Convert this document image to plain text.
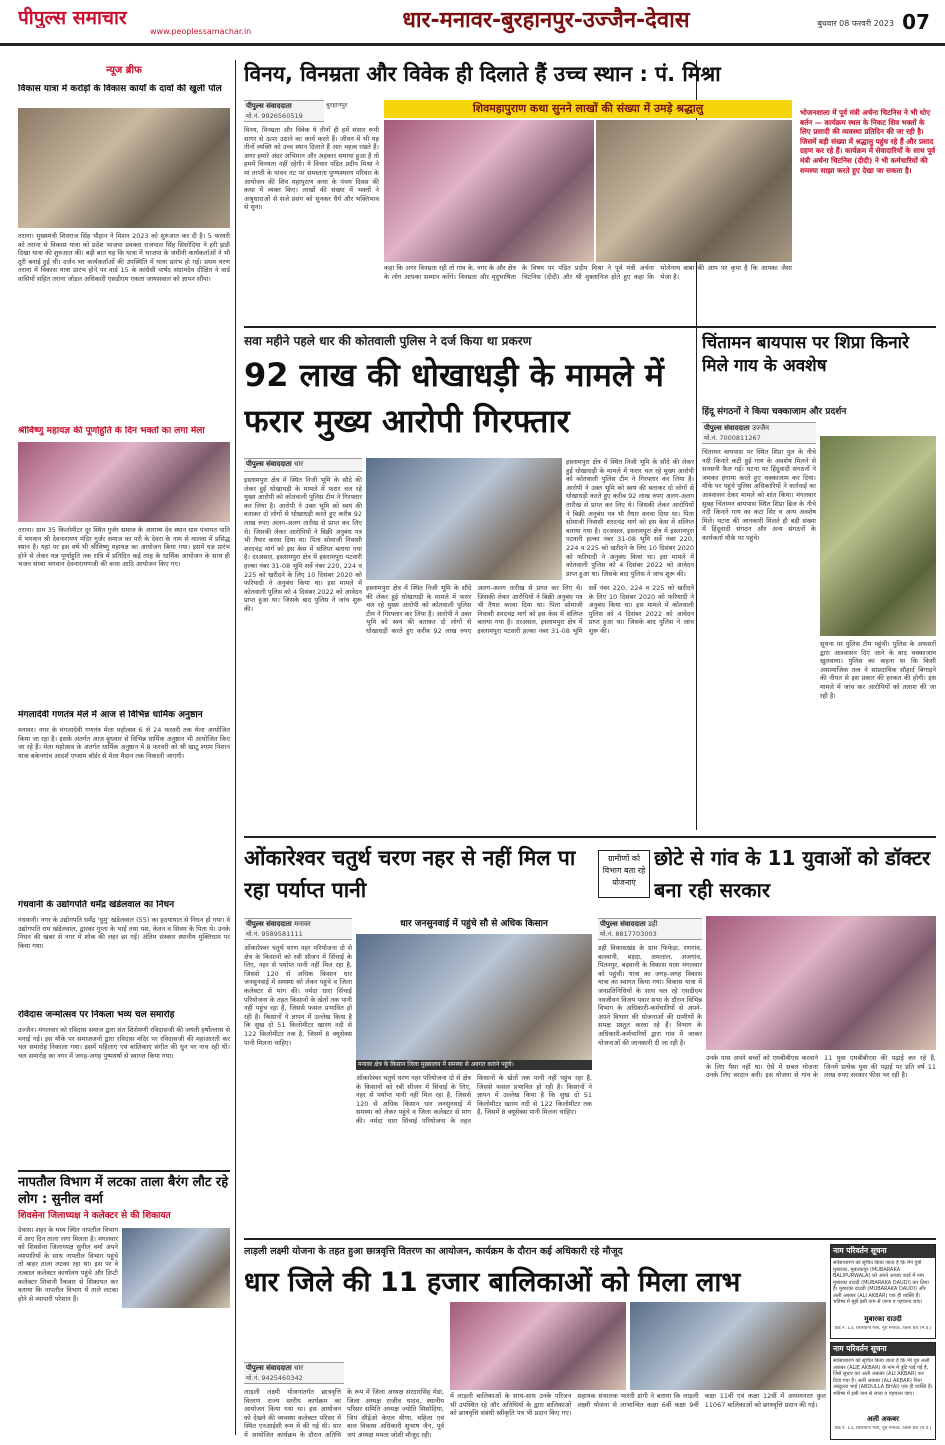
पीपुल्स समाचार
www.peoplessamachar.in	धार-मनावर-बुरहानपुर-उज्जैन-देवास	बुधवार 08 फरवरी 2023 07
न्यूज ब्रीफ
विकास यात्रा में करोड़ों के विकास कार्यों के दावों की खुली पोल
तराना। मुख्यमंत्री शिवराज सिंह चौहान ने मिशन 2023 को शुरुआत कर दी है। 5 फरवरी को तराना से विकास यात्रा को प्रदेश भाजपा प्रवक्ता राजपाल सिंह सिसोदिया ने हरी झंडी दिखा यात्रा की शुरुआत की। बड़ी बात यह कि यात्रा में भाजपा के जमीनी कार्यकर्ताओं ने भी दूरी बनाई हुई थी। दर्जन भर कार्यकर्ताओं की उपस्थिति में यात्रा प्रारंभ हो गई। प्रथम चरण तराना में विकास यात्रा प्रारंभ होने पर वार्ड 15 के कांग्रेसी पार्षद संग्रामदेव दीक्षित ने वार्ड वासियों सहित तराना जोड़ल अधिकारी एसडीएम एकता जायसवाल को ज्ञापन सौंपा।
श्रीविष्णु महायज्ञ की पूर्णाहुति के दिन भक्तों का लगा मेला
तराना। ग्राम 35 किलोमीटर दूर स्थित गुर्जर समाज के आराध्य देव स्थान ग्राम पंचायत पाति में भगवान श्री देवनारायण मंदिर गुर्जर समाज का परी के देवरा के नाम से मालवा में प्रसिद्ध स्थान है। यहां पर इस वर्ष भी श्रीविष्णु महायज्ञ का आयोजन किया गया। इसमें यज्ञ प्रारंभ होने से लेकर यज्ञ पूर्णाहुति तक रात्रि में प्रतिदिन कई तरह के धार्मिक आयोजन के साथ ही भजन संध्या भगवान देवनारायणजी की कथा आदि आयोजन किए गए।
मंगलादेवी गणतंत्र मेले में आज से विभिन्न धार्मिक अनुष्ठान
मनावर। नगर के मंगलादेवी गणतंत्र मेला महोत्सव 6 से 24 फरवरी तक मेला आयोजित किया जा रहा है। इसके अंतर्गत आज बुधवार से विभिन्न धार्मिक अनुष्ठान भी आयोजित किए जा रहे हैं। मेला महोत्सव के अंतर्गत धार्मिक अनुष्ठान में 8 फरवरी को श्री खाटू श्याम निशान यात्रा बकेनगांव आदर्श एग्जाम बॉर्डर से मेला मैदान तक निकाली जाएगी।
गंधवानी के उद्योगपति धर्मेंद्र खंडेलवाल का निधन
गंधवानी। नगर के उद्योगपति धर्मेंद्र 'धुमु' खंडेलवाल (55) का हृदयाघात से निधन हो गया। वे उद्योगपति राम खंडेलवाल, द्वारका गुप्ता के भाई तथा यश, केतन व शिवम के पिता थे। उनके निधन की खबर से नगर में शोक की लहर छा गई। अंतिम संस्कार स्थानीय मुक्तिधाम पर किया गया।
रविदास जन्मोत्सव पर निकला भव्य चल समारोह
उज्जैन। मंगलवार को रविदास समाज द्वारा संत शिरोमणी रविदासजी की जयंती हर्षोल्लास से मनाई गई। इस मौके पर समाजजनों द्वारा रविदास मंदिर पर रविदासजी की महाआरती कर चल समारोह निकाला गया। इसमें महिलाएं एवं बालिकाएं संगीत की धुन पर नाच रही थीं। चल समारोह का नगर में जगह-जगह पुष्पवर्षा से स्वागत किया गया।
नापतौल विभाग में लटका ताला बैरंग लौट रहे लोग : सुनील वर्मा
शिवसेना जिलाध्यक्ष ने कलेक्टर से की शिकायत
देवास। शहर के मध्य स्थित नापतौल विभाग में आए दिन ताला लगा मिलता है। मंगलवार को शिवसेना जिलाध्यक्ष सुनील वर्मा अपने व्यापारियों के साथ नापतौल विभाग पहुंचे तो बाहर ताला लटका रहा था। इस पर वे तत्काल कलेक्टर कार्यालय पहुंचे और डिप्टी कलेक्टर शिवानी रैकवार से शिकायत कर बताया कि नापतौल विभाग में ताले लटका होने से व्यापारी परेशान हैं।
विनय, विनम्रता और विवेक ही दिलाते हैं उच्च स्थान : पं. मिश्रा
पीपुल्स संवाददाता
मो.नं. 9926560519
बुरहानपुर	शिवमहापुराण कथा सुनने लाखों की संख्या में उमड़े श्रद्धालु
विनय, विनम्रता और विवेक ये तीनों ही हमें संसार रूपी सागर से ऊपर उठाने का कार्य करते हैं। जीवन में भी यह तीनों व्यक्ति को उच्च स्थान दिलाते हैं अतः महत्व रखते हैं। अगर हमारे अंदर अभिमान और अहंकार समाया हुआ है तो हममें विनयता नहीं रहेगी। ये विचार पंडित प्रदीप मिश्रा ने मां ताप्ती के पावन तट पर समस्तता पुण्यस्मरण परिवार के आयोजन की शिव महापुराण कथा के पंचम दिवस की कथा में व्यक्त किए। लाखों की संख्या में भक्तों ने अश्रुधाराओं से सजे प्रसंग को सुनकर धैर्य और भक्तिभाव से सुना।
कहा कि अगर विनम्रता रही तो गांव के, नगर के और क्षेत्र के लोग आपका सम्मान करेंगे। विनम्रता और मृदुभाषिता के विषय पर पंडित प्रदीप मिश्रा ने पूर्व मंत्री अर्चना चिटनिस (दीदी) और श्री मुक्तानिज होते हुए कहा कि भोलेनाथ बाबा की आप पर कृपा है कि आपका जैसा भेजा है।
भोजनशाला में पूर्व मंत्री अर्चना चिटनिस ने भी धोए बर्तन — कार्यक्रम स्थल के निकट शिव भक्तों के लिए प्रसादी की व्यवस्था प्रतिदिन की जा रही है। जिसमें बड़ी संख्या में श्रद्धालु पहुंच रहे हैं और प्रसाद ग्रहण कर रहे हैं। कार्यक्रम में सेवादारियों के साथ पूर्व मंत्री अर्चना चिटनिस (दीदी) ने भी कर्मचारियों की समस्या साझा करते हुए देखा जा सकता है।
सवा महीने पहले धार की कोतवाली पुलिस ने दर्ज किया था प्रकरण
92 लाख की धोखाधड़ी के मामले में फरार मुख्य आरोपी गिरफ्तार
पीपुल्स संवाददाता धार
इस्लामपुरा क्षेत्र में स्थित निजी भूमि के सौदे की लेकर हुई धोखाधड़ी के मामले में फरार चल रहे मुख्य आरोपी को कोतवाली पुलिस टीम ने गिरफ्तार कर लिया है। आरोपी ने उक्त भूमि को स्वयं की बताकर दो लोगों से धोखाधड़ी करते हुए करीब 92 लाख रुपए अलग-अलग तारीख से प्राप्त कर लिए थे। जिसकी लेकर आरोपियों ने बिक्री अनुबंध पत्र भी तैयार करवा दिया था। पिता सोमाजी निवासी शरदचंद्र मार्ग को इस केस में संलिप्त बताया गया है। दरअसल, इस्लामपुरा क्षेत्र में इस्लामपुरा पटवारी हल्का नंबर 31-08 भूमि सर्वे नंबर 220, 224 व 225 को खरीदने के लिए 10 दिसंबर 2020 को फरियादी ने अनुबंध किया था। इस मामले में कोतवाली पुलिस को 4 दिसंबर 2022 को आवेदन प्राप्त हुआ था। जिसके बाद पुलिस ने जांच शुरू की।
इस्लामपुरा क्षेत्र में स्थित निजी भूमि के सौदे की लेकर हुई धोखाधड़ी के मामले में फरार चल रहे मुख्य आरोपी को कोतवाली पुलिस टीम ने गिरफ्तार कर लिया है। आरोपी ने उक्त भूमि को स्वयं की बताकर दो लोगों से धोखाधड़ी करते हुए करीब 92 लाख रुपए अलग-अलग तारीख से प्राप्त कर लिए थे। जिसकी लेकर आरोपियों ने बिक्री अनुबंध पत्र भी तैयार करवा दिया था। पिता सोमाजी निवासी शरदचंद्र मार्ग को इस केस में संलिप्त बताया गया है। दरअसल, इस्लामपुरा क्षेत्र में इस्लामपुरा पटवारी हल्का नंबर 31-08 भूमि सर्वे नंबर 220, 224 व 225 को खरीदने के लिए 10 दिसंबर 2020 को फरियादी ने अनुबंध किया था। इस मामले में कोतवाली पुलिस को 4 दिसंबर 2022 को आवेदन प्राप्त हुआ था। जिसके बाद पुलिस ने जांच शुरू की।
इस्लामपुरा क्षेत्र में स्थित निजी भूमि के सौदे की लेकर हुई धोखाधड़ी के मामले में फरार चल रहे मुख्य आरोपी को कोतवाली पुलिस टीम ने गिरफ्तार कर लिया है। आरोपी ने उक्त भूमि को स्वयं की बताकर दो लोगों से धोखाधड़ी करते हुए करीब 92 लाख रुपए अलग-अलग तारीख से प्राप्त कर लिए थे। जिसकी लेकर आरोपियों ने बिक्री अनुबंध पत्र भी तैयार करवा दिया था। पिता सोमाजी निवासी शरदचंद्र मार्ग को इस केस में संलिप्त बताया गया है। दरअसल, इस्लामपुरा क्षेत्र में इस्लामपुरा पटवारी हल्का नंबर 31-08 भूमि सर्वे नंबर 220, 224 व 225 को खरीदने के लिए 10 दिसंबर 2020 को फरियादी ने अनुबंध किया था। इस मामले में कोतवाली पुलिस को 4 दिसंबर 2022 को आवेदन प्राप्त हुआ था। जिसके बाद पुलिस ने जांच शुरू की।
चिंतामन बायपास पर शिप्रा किनारे मिले गाय के अवशेष
हिंदू संगठनों ने किया चक्काजाम और प्रदर्शन
पीपुल्स संवाददाता उज्जैन
मो.नं. 7000811267
चिंतामन बायपास पर स्थित शिप्रा पुल के नीचे नदी किनारे कटी हुई गाय के अवशेष मिलने से सनसनी फैल गई। घटना पर हिंदूवादी संगठनों ने जमकर हंगामा करते हुए चक्काजाम कर दिया। मौके पर पहुंचे पुलिस अधिकारियों ने कार्रवाई का आश्वासन देकर मामले को शांत किया। मंगलवार सुबह चिंतामन बायपास स्थित शिप्रा ब्रिज के नीचे नदी किनारे गाय का कटा सिर व अन्य अवशेष मिले। घटना की जानकारी मिलते ही बड़ी संख्या में हिंदूवादी संगठन और अन्य संगठनों के कार्यकर्ता मौके पर पहुंचे।
सूचना पर पुलिस टीम पहुंची। पुलिस के अफसरों द्वारा आश्वासन दिए जाने के बाद चक्काजाम खुलवाया। पुलिस का कहना था कि किसी असामाजिक तत्व ने सांप्रदायिक सौहार्द बिगाड़ने की नीयत से इस प्रकार की हरकत की होगी। इस मामले में जांच कर आरोपियों को तलाश की जा रही है।
ओंकारेश्वर चतुर्थ चरण नहर से नहीं मिल पा रहा पर्याप्त पानी
पीपुल्स संवाददाता मनावर
मो.नं. 9589581111
ओंकारेश्वर चतुर्थ चरण नहर परियोजना दो से क्षेत्र के किसानों को रबी सीजन में सिंचाई के लिए, नहर से पर्याप्त पानी नहीं मिल रहा है, जिससे 120 से अधिक किसान धार जनसुनवाई में समस्या को लेकर पहुंचे व जिला कलेक्टर से मांग की। नर्मदा धारा सिंचाई परियोजना के तहत किसानों के खेतों तक पानी नहीं पहुंच रहा है, जिससे फसल प्रभावित हो रही है। किसानों ने ज्ञापन में उल्लेख किया है कि सुख दो 51 किलोमीटर खारम नदी से 122 किलोमीटर तक है, जिसमें 8 क्यूसेक्स पानी मिलना चाहिए।
धार जनसुनवाई में पहुंचे सौ से अधिक किसान
मनावर क्षेत्र के किसान जिला मुख्यालय में समस्या से अवगत कराने पहुंचे।
ओंकारेश्वर चतुर्थ चरण नहर परियोजना दो से क्षेत्र के किसानों को रबी सीजन में सिंचाई के लिए, नहर से पर्याप्त पानी नहीं मिल रहा है, जिससे 120 से अधिक किसान धार जनसुनवाई में समस्या को लेकर पहुंचे व जिला कलेक्टर से मांग की। नर्मदा धारा सिंचाई परियोजना के तहत किसानों के खेतों तक पानी नहीं पहुंच रहा है, जिससे फसल प्रभावित हो रही है। किसानों ने ज्ञापन में उल्लेख किया है कि सुख दो 51 किलोमीटर खारम नदी से 122 किलोमीटर तक है, जिसमें 8 क्यूसेक्स पानी मिलना चाहिए।
ग्रामीणों को विभाग बता रहे योजनाएं
छोटे से गांव के 11 युवाओं को डॉक्टर बना रही सरकार
पीपुल्स संवाददाता डही
मो.नं. 8817703003
डही विकासखंड के ग्राम फिफेड़ा, रणगांव, बलवानी, बड़दा, अमलाल, अजगांव, पितनपुर, बड़वानी के विकास यात्रा मंगलवार को पहुंची। यात्रा का जगह-जगह विकास यात्रा का स्वागत किया गया। विकास यात्रा में जनप्रतिनिधियों के साथ चल रहे एसडीएम नवजीवन विजय पवार सभा के दौरान विभिन्न विभाग के अधिकारी-कर्मचारियों से अपने-अपने विभाग की योजनाओं की ग्रामीणों के समक्ष प्रस्तुत करवा रहे हैं। विभाग के अधिकारी-कर्मचारियों द्वारा गांव में जाकर योजनाओं की जानकारी दी जा रही है।
उनके पास अपने बच्चों को एमबीबीएस करवाने के लिए पैसा नहीं था। ऐसे में सबल योजना उनके लिए वरदान बनी। इस योजना से गांव के 11 युवा एमबीबीएस की पढ़ाई कर रहे हैं, जिनमें प्रत्येक युवा की पढ़ाई पर प्रति वर्ष 11 लाख रुपए सरकार फीस भर रही है।
लाड़ली लक्ष्मी योजना के तहत हुआ छात्रवृत्ति वितरण का आयोजन, कार्यक्रम के दौरान कई अधिकारी रहे मौजूद
धार जिले की 11 हजार बालिकाओं को मिला लाभ
पीपुल्स संवाददाता धार
मो.नं. 9425460342
लाड़ली लक्ष्मी योजनांतर्गत छात्रवृत्ति वितरण राज्य स्तरीय कार्यक्रम का आयोजन किया गया था। इस आयोजन को देखने की व्यवस्था कलेक्टर परिसर में स्थित एनआईसी रूम में की गई थी। धार में आयोजित कार्यक्रम के दौरान अतिथि के रूप में जिला अध्यक्ष सरदारसिंह मेडा, जिला अध्यक्ष राजीव यादव, स्थानीय परिसर समिति अध्यक्ष ज्योति सिसोदिया, जिपं सीईओ केएल मीणा, महिला एवं बाल विकास अधिकारी सुभाष जैन, पूर्व जपं अध्यक्ष ममता जोशी मौजूद रही।
में लाड़ली बालिकाओं के साथ-साथ उनके परिजन भी उपस्थित रहे और अतिथियों के द्वारा बालिकाओं को छात्रवृत्ति संबंधी स्वीकृति पत्र भी प्रदान किए गए। सहायक संचालक भारती डांगी ने बताया कि लाड़ली लक्ष्मी योजना से लाभान्वित कक्षा 6वीं कक्षा 9वीं कक्षा 11वीं एवं कक्षा 12वीं में अध्ययनरत कुल 11067 बालिकाओं को छात्रवृत्ति प्रदान की गई।
नाम परिवर्तन सूचना
सर्वसाधारण को सूचित किया जाता है कि मैंने पुत्री मुबारका, मुबारकपुर (MUBARAKA BALIPURWALA) को अपने आधार कार्ड में नाम मुबारका दाउदी (MUBARAKA DAUDI) कर लिया है। मुबारका दाउदी (MUBARAKA DAUDI) और अली अकबर (ALI AKBAR) एक ही व्यक्ति हैं। भविष्य में मुझे इसी नाम से जाना व पहचाना जाए।
मुबारका दाउदी
वार्ड न. 13, जिरियानी गली, नूरी मनावर, जिला धार (म.प्र.)
नाम परिवर्तन सूचना
सर्वसाधारण को सूचित किया जाता है कि मेरे पुत्र अली अकबर (ALIE AKBAR) के नाम में त्रुटि पाई गई है, जिसे सुधार कर अली अकबर (ALI AKBAR) कर दिया गया है। अली अकबर (ALI AKBAR) पिता अब्दुल्ला भाई (ABDULLA BHAI) एक ही व्यक्ति हैं। भविष्य में इसी नाम से जाना व पहचाना जाए।
अली अकबर
वार्ड न. 13, जिरियानी गली, नूरी मनावर, जिला धार (म.प्र.)
